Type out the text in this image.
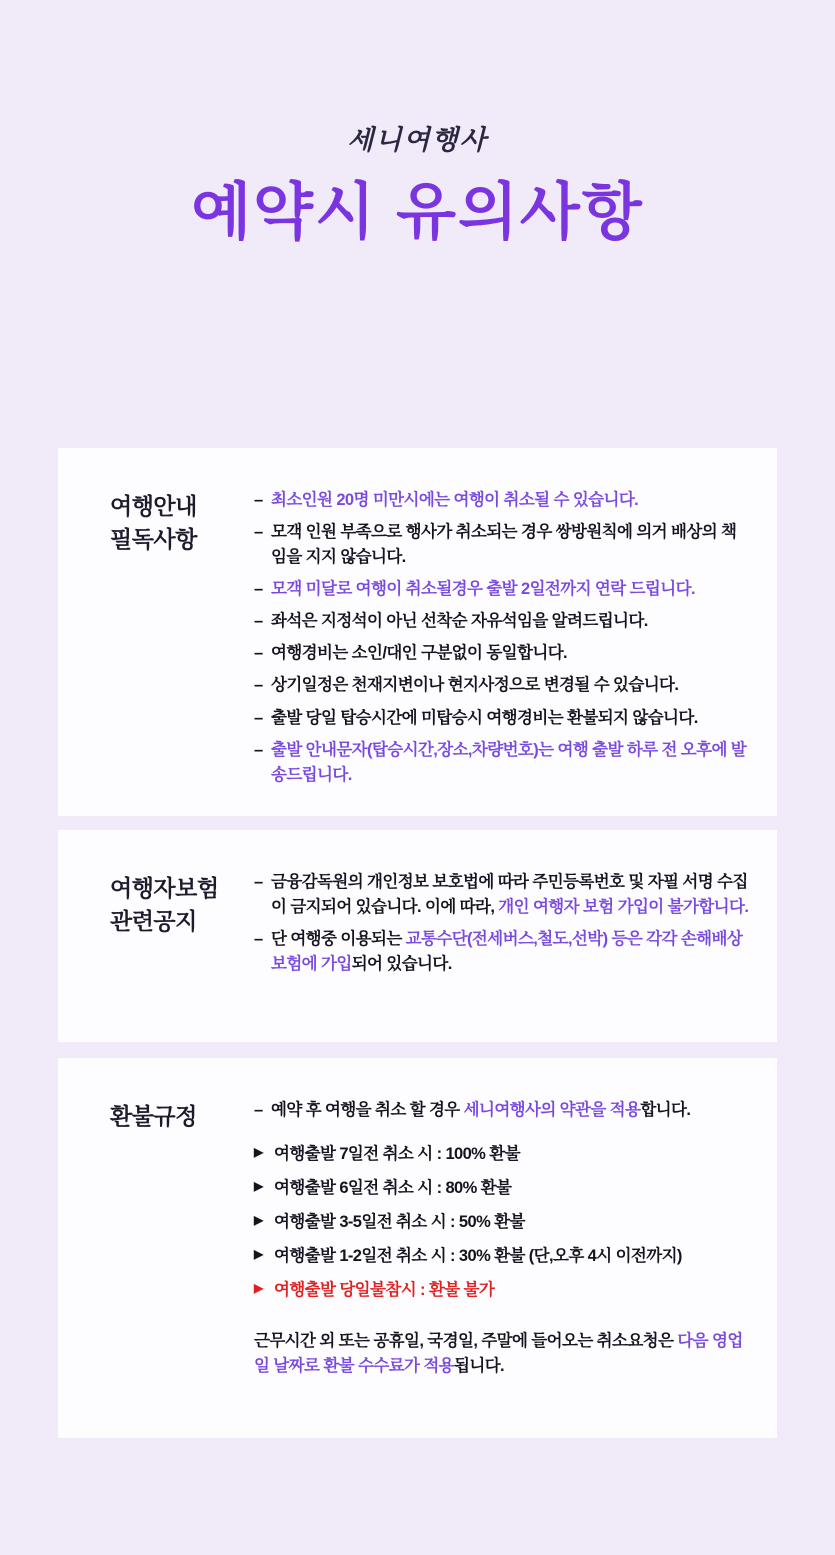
세니여행사
예약시 유의사항
여행안내
필독사항
– 최소인원 20명 미만시에는 여행이 취소될 수 있습니다.
– 모객 인원 부족으로 행사가 취소되는 경우 쌍방원칙에 의거 배상의 책임을 지지 않습니다.
– 모객 미달로 여행이 취소될경우 출발 2일전까지 연락 드립니다.
– 좌석은 지정석이 아닌 선착순 자유석임을 알려드립니다.
– 여행경비는 소인/대인 구분없이 동일합니다.
– 상기일정은 천재지변이나 현지사정으로 변경될 수 있습니다.
– 출발 당일 탑승시간에 미탑승시 여행경비는 환불되지 않습니다.
– 출발 안내문자(탑승시간,장소,차량번호)는 여행 출발 하루 전 오후에 발송드립니다.
여행자보험
관련공지
– 금융감독원의 개인정보 보호법에 따라 주민등록번호 및 자필 서명 수집이 금지되어 있습니다. 이에 따라, 개인 여행자 보험 가입이 불가합니다.
– 단 여행중 이용되는 교통수단(전세버스,철도,선박) 등은 각각 손해배상보험에 가입되어 있습니다.
환불규정	– 예약 후 여행을 취소 할 경우 세니여행사의 약관을 적용합니다.
▶ 여행출발 7일전 취소 시 : 100% 환불
▶ 여행출발 6일전 취소 시 : 80% 환불
▶ 여행출발 3-5일전 취소 시 : 50% 환불
▶ 여행출발 1-2일전 취소 시 : 30% 환불 (단,오후 4시 이전까지)
▶ 여행출발 당일불참시 : 환불 불가
근무시간 외 또는 공휴일, 국경일, 주말에 들어오는 취소요청은 다음 영업일 날짜로 환불 수수료가 적용됩니다.
